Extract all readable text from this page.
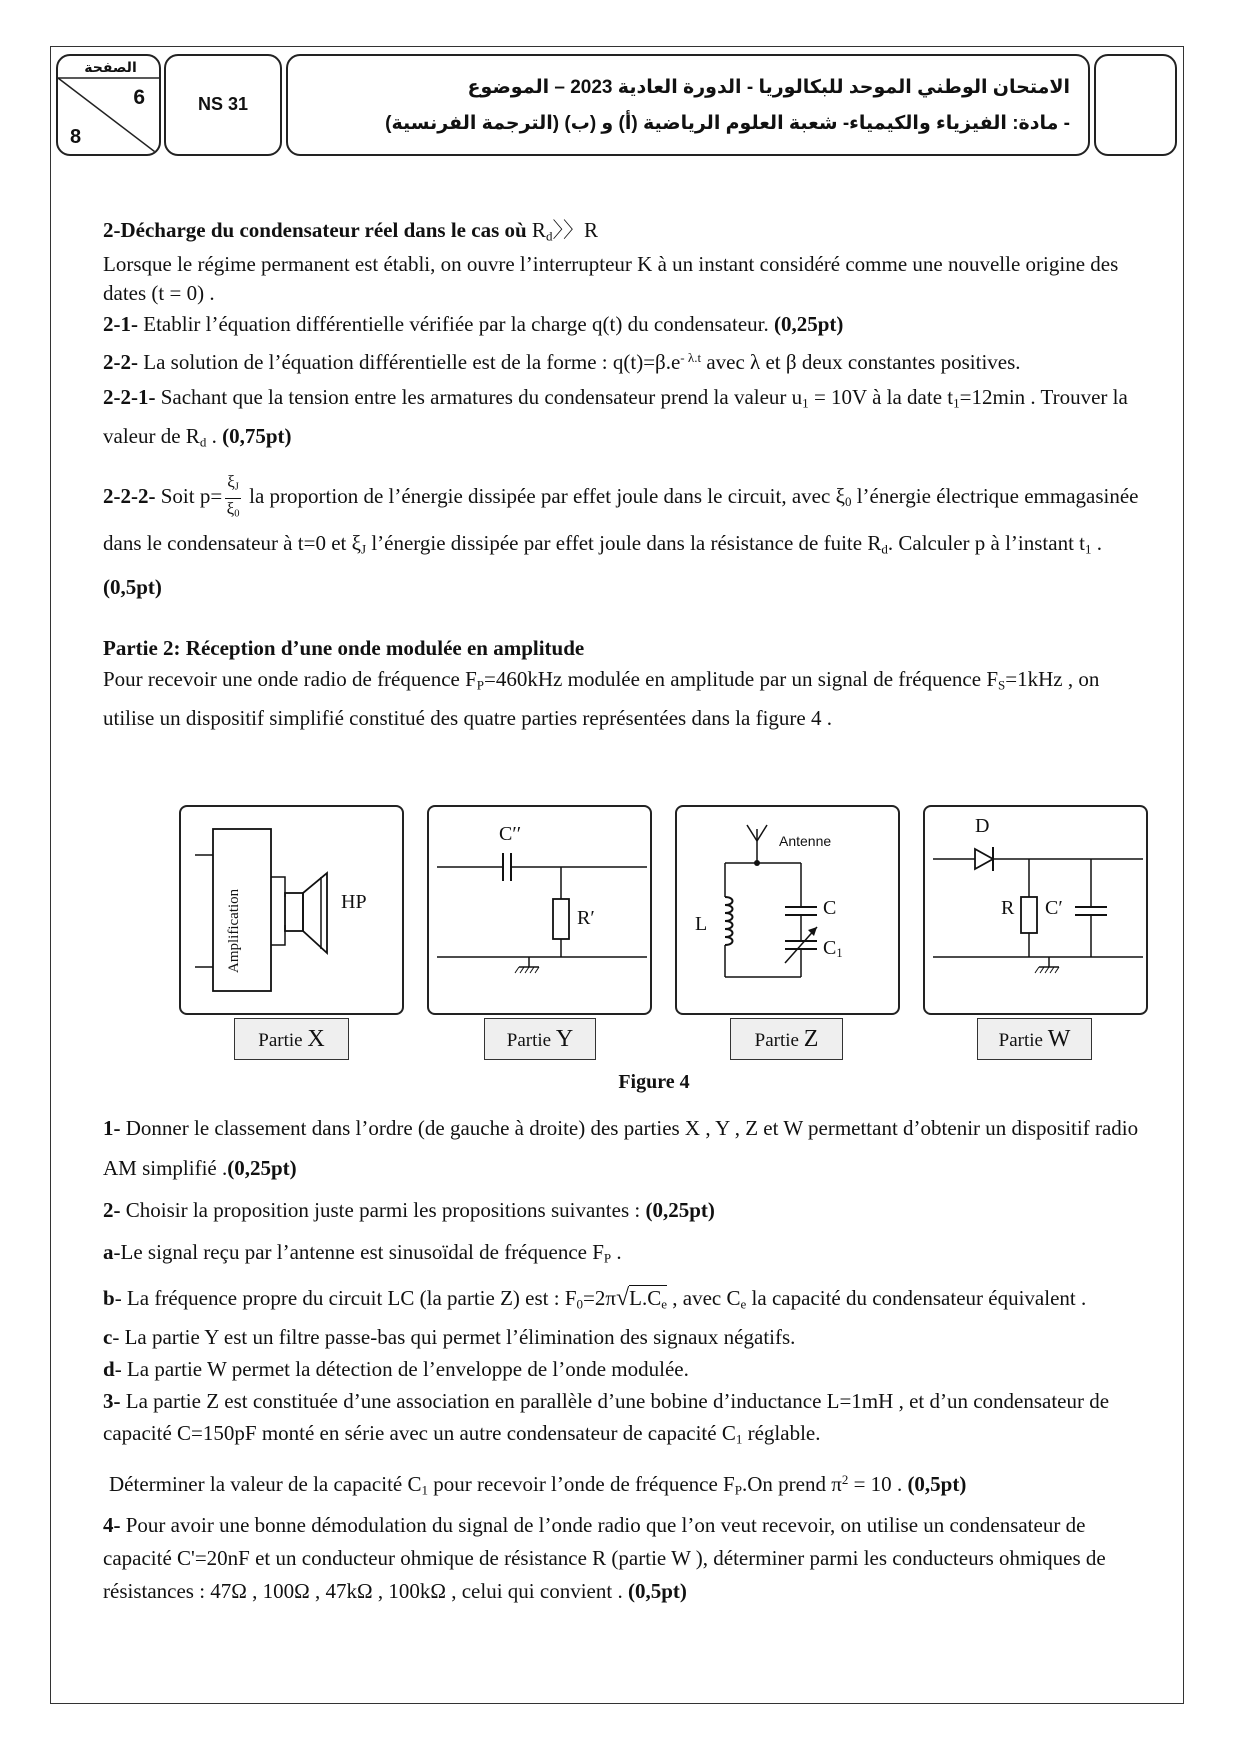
الصفحة
6
8
NS 31
الامتحان الوطني الموحد للبكالوريا - الدورة العادية 2023 – الموضوع
- مادة: الفيزياء والكيمياء- شعبة العلوم الرياضية (أ) و (ب) (الترجمة الفرنسية)

2-Décharge du condensateur réel dans le cas où $R_d$〉〉R

Lorsque le régime permanent est établi, on ouvre l’interrupteur K à un instant considéré comme une nouvelle origine des dates (t = 0) .

2-1- Etablir l’équation différentielle vérifiée par la charge q(t) du condensateur. (0,25pt)

2-2- La solution de l’équation différentielle est de la forme : $q(t)=\beta.e^{- \lambda.t}$ avec λ et β deux constantes positives.

2-2-1- Sachant que la tension entre les armatures du condensateur prend la valeur $u_1 = 10V$ à la date $t_1=12\min$ . Trouver la valeur de $R_d$ . (0,75pt)

2-2-2- Soit $p= \frac{\xi_J}{\xi_0}$ la proportion de l’énergie dissipée par effet joule dans le circuit, avec $\xi_0$ l’énergie électrique emmagasinée dans le condensateur à t=0 et $\xi_J$ l’énergie dissipée par effet joule dans la résistance de fuite $R_d$. Calculer p à l’instant $t_1$ .(0,5pt)

Partie 2: Réception d’une onde modulée en amplitude

Pour recevoir une onde radio de fréquence $F_P=460kHz$ modulée en amplitude par un signal de fréquence $F_S=1kHz$ , on utilise un dispositif simplifié constitué des quatre parties représentées dans la figure 4 .

Amplification	HP
Partie X
C′′
R′
Partie Y
Antenne
L
C
$C_1$
Partie Z
D
R C′
Partie W
Figure 4

1- Donner le classement dans l’ordre (de gauche à droite) des parties X , Y , Z et W permettant d’obtenir un dispositif radio AM simplifié .(0,25pt)

2- Choisir la proposition juste parmi les propositions suivantes : (0,25pt)

a-Le signal reçu par l’antenne est sinusoïdal de fréquence $F_P$ .

b- La fréquence propre du circuit LC (la partie Z) est : $F_0=2\pi√L.C_e$ , avec $C_e$ la capacité du condensateur équivalent .

c- La partie Y est un filtre passe-bas qui permet l’élimination des signaux négatifs.

d- La partie W permet la détection de l’enveloppe de l’onde modulée.

3- La partie Z est constituée d’une association en parallèle d’une bobine d’inductance L=1mH , et d’un condensateur de capacité C=150pF monté en série avec un autre condensateur de capacité $C_1$ réglable.

Déterminer la valeur de la capacité $C_1$ pour recevoir l’onde de fréquence $F_P.On$ prend $\pi^2 = 10$ . (0,5pt)

4- Pour avoir une bonne démodulation du signal de l’onde radio que l’on veut recevoir, on utilise un condensateur de capacité C'=20nF et un conducteur ohmique de résistance R (partie W ), déterminer parmi les conducteurs ohmiques de résistances : 47Ω , 100Ω , 47kΩ , 100kΩ , celui qui convient . (0,5pt)
